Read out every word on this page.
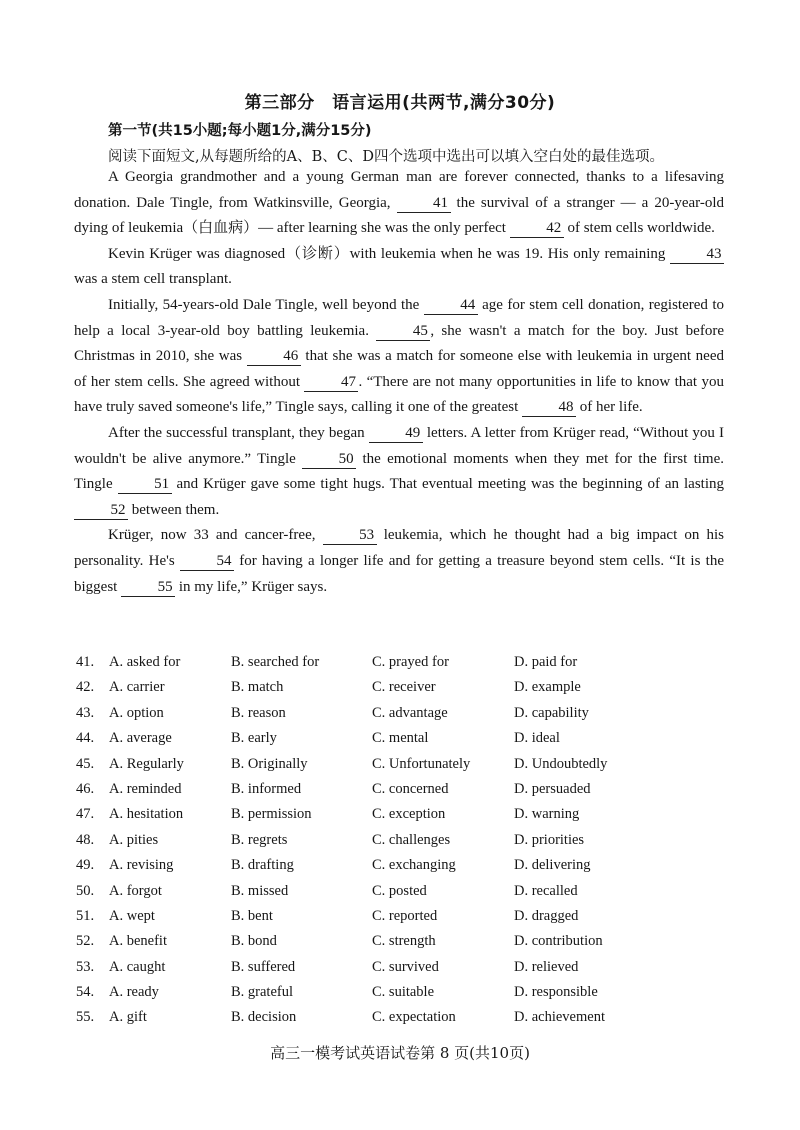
第三部分　语言运用(共两节,满分30分)
第一节(共15小题;每小题1分,满分15分)
阅读下面短文,从每题所给的A、B、C、D四个选项中选出可以填入空白处的最佳选项。

A Georgia grandmother and a young German man are forever connected, thanks to a lifesaving donation. Dale Tingle, from Watkinsville, Georgia, 41 the survival of a stranger — a 20-year-old dying of leukemia（白血病）— after learning she was the only perfect 42 of stem cells worldwide.

Kevin Krüger was diagnosed（诊断）with leukemia when he was 19. His only remaining 43 was a stem cell transplant.

Initially, 54-years-old Dale Tingle, well beyond the 44 age for stem cell donation, registered to help a local 3-year-old boy battling leukemia. 45 , she wasn't a match for the boy. Just before Christmas in 2010, she was 46 that she was a match for someone else with leukemia in urgent need of her stem cells. She agreed without 47 . “There are not many opportunities in life to know that you have truly saved someone's life,” Tingle says, calling it one of the greatest 48 of her life.

After the successful transplant, they began 49 letters. A letter from Krüger read, “Without you I wouldn't be alive anymore.” Tingle 50 the emotional moments when they met for the first time. Tingle 51 and Krüger gave some tight hugs. That eventual meeting was the beginning of an lasting 52 between them.

Krüger, now 33 and cancer-free, 53 leukemia, which he thought had a big impact on his personality. He's 54 for having a longer life and for getting a treasure beyond stem cells. “It is the biggest 55 in my life,” Krüger says.

41. A. asked for	B. searched for	C. prayed for	D. paid for
42. A. carrier	B. match	C. receiver	D. example
43. A. option	B. reason	C. advantage	D. capability
44. A. average	B. early	C. mental	D. ideal
45. A. Regularly	B. Originally	C. Unfortunately	D. Undoubtedly
46. A. reminded	B. informed	C. concerned	D. persuaded
47. A. hesitation	B. permission	C. exception	D. warning
48. A. pities	B. regrets	C. challenges	D. priorities
49. A. revising	B. drafting	C. exchanging	D. delivering
50. A. forgot	B. missed	C. posted	D. recalled
51. A. wept	B. bent	C. reported	D. dragged
52. A. benefit	B. bond	C. strength	D. contribution
53. A. caught	B. suffered	C. survived	D. relieved
54. A. ready	B. grateful	C. suitable	D. responsible
55. A. gift	B. decision	C. expectation	D. achievement
高三一模考试英语试卷第 8 页(共10页)
